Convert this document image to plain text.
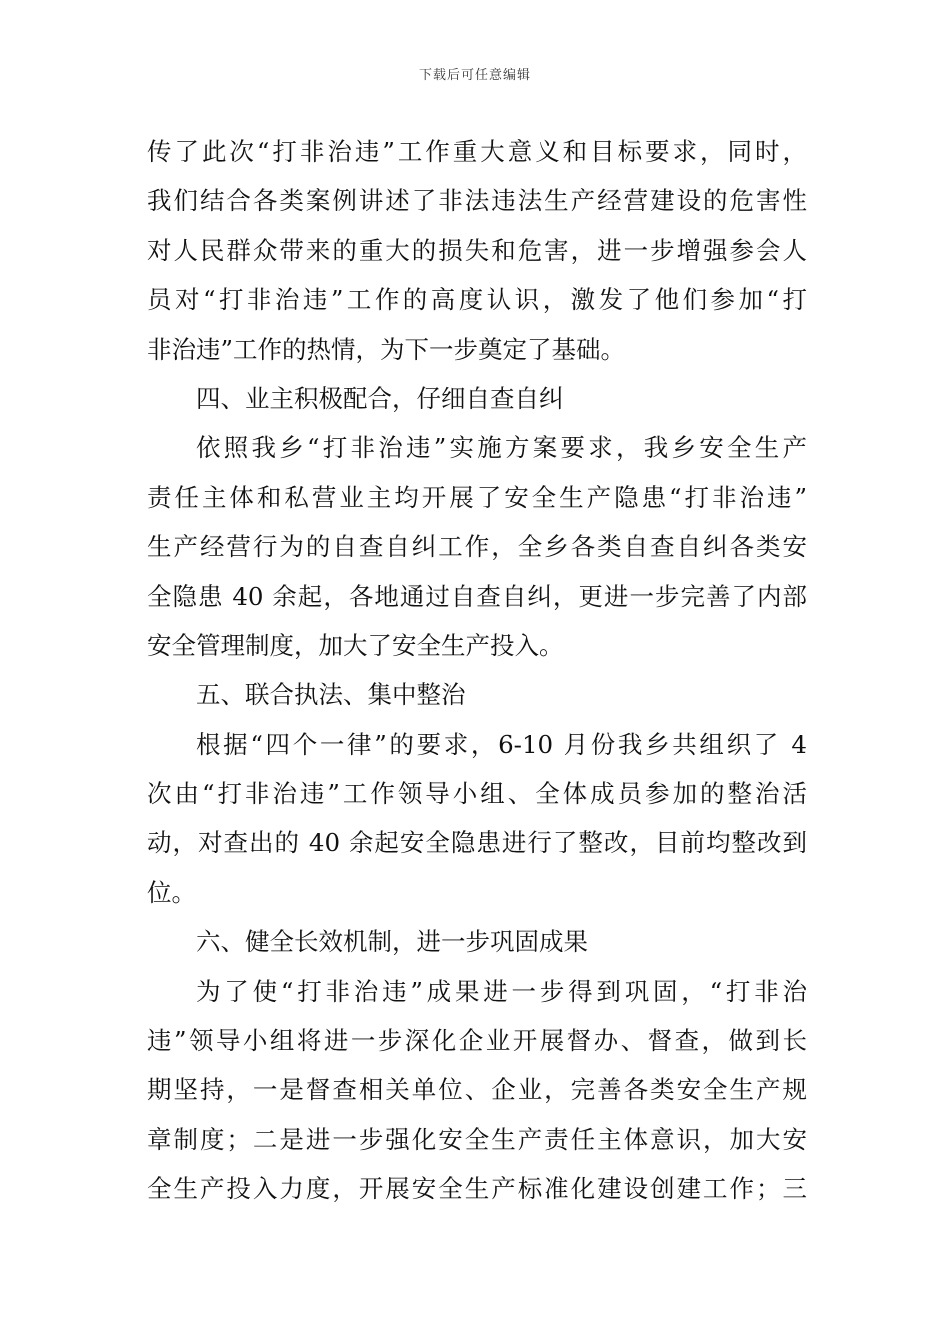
下载后可任意编辑
传了此次“打非治违”工作重大意义和目标要求，同时，
我们结合各类案例讲述了非法违法生产经营建设的危害性
对人民群众带来的重大的损失和危害，进一步增强参会人
员对“打非治违”工作的高度认识，激发了他们参加“打
非治违”工作的热情，为下一步奠定了基础。
四、业主积极配合，仔细自查自纠
依照我乡“打非治违”实施方案要求，我乡安全生产
责任主体和私营业主均开展了安全生产隐患“打非治违”
生产经营行为的自查自纠工作，全乡各类自查自纠各类安
全隐患 40 余起，各地通过自查自纠，更进一步完善了内部
安全管理制度，加大了安全生产投入。
五、联合执法、集中整治
根据“四个一律”的要求，6-10 月份我乡共组织了 4
次由“打非治违”工作领导小组、全体成员参加的整治活
动，对查出的 40 余起安全隐患进行了整改，目前均整改到
位。
六、健全长效机制，进一步巩固成果
为了使“打非治违”成果进一步得到巩固，“打非治
违”领导小组将进一步深化企业开展督办、督查，做到长
期坚持，一是督查相关单位、企业，完善各类安全生产规
章制度；二是进一步强化安全生产责任主体意识，加大安
全生产投入力度，开展安全生产标准化建设创建工作；三
